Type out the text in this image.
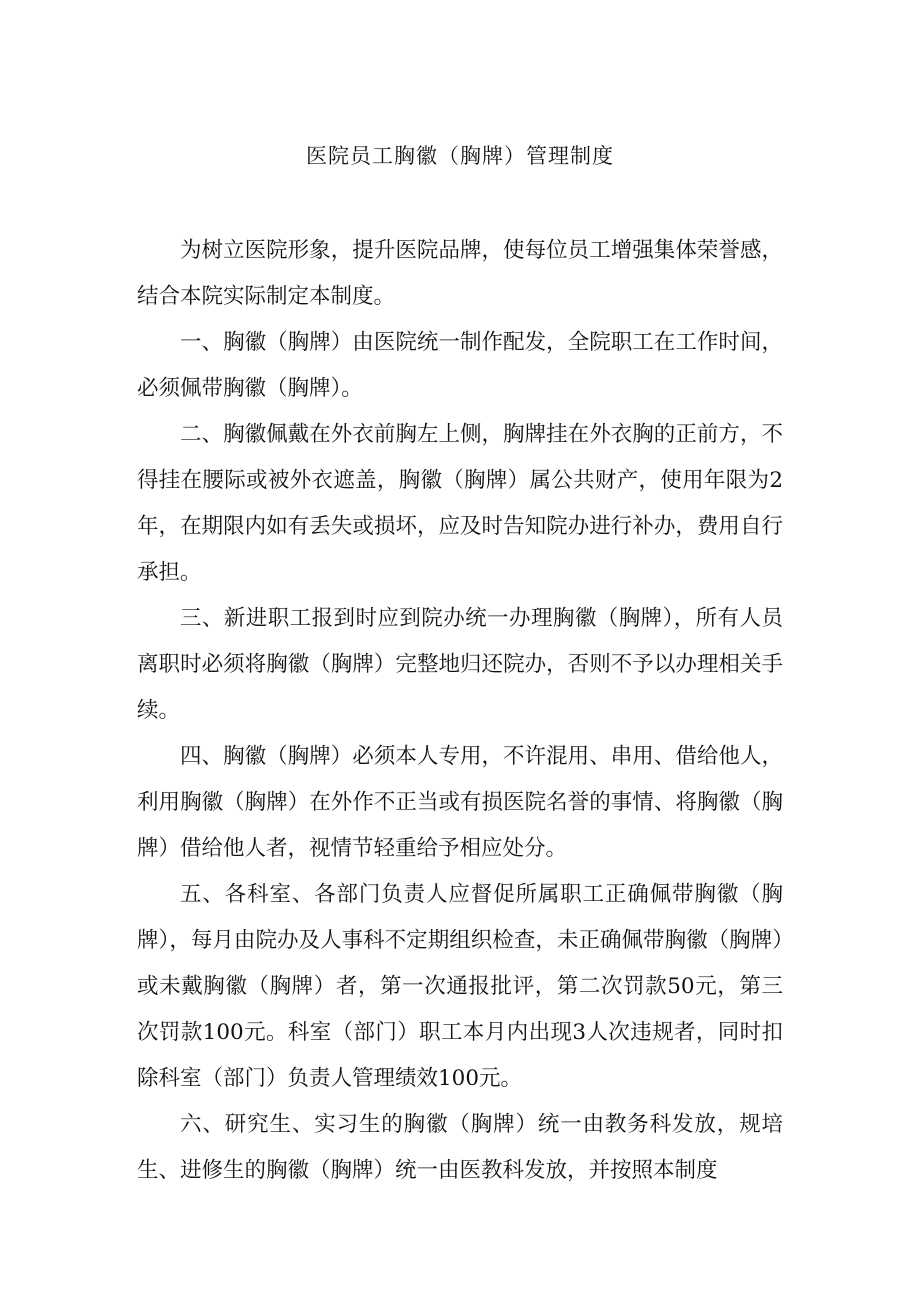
医院员工胸徽（胸牌）管理制度

为树立医院形象，提升医院品牌，使每位员工增强集体荣誉感，结合本院实际制定本制度。

一、胸徽（胸牌）由医院统一制作配发，全院职工在工作时间，必须佩带胸徽（胸牌）。

二、胸徽佩戴在外衣前胸左上侧，胸牌挂在外衣胸的正前方，不得挂在腰际或被外衣遮盖，胸徽（胸牌）属公共财产，使用年限为2年，在期限内如有丢失或损坏，应及时告知院办进行补办，费用自行承担。

三、新进职工报到时应到院办统一办理胸徽（胸牌），所有人员离职时必须将胸徽（胸牌）完整地归还院办，否则不予以办理相关手续。

四、胸徽（胸牌）必须本人专用，不许混用、串用、借给他人，利用胸徽（胸牌）在外作不正当或有损医院名誉的事情、将胸徽（胸牌）借给他人者，视情节轻重给予相应处分。

五、各科室、各部门负责人应督促所属职工正确佩带胸徽（胸牌），每月由院办及人事科不定期组织检查，未正确佩带胸徽（胸牌）或未戴胸徽（胸牌）者，第一次通报批评，第二次罚款50元，第三次罚款100元。科室（部门）职工本月内出现3人次违规者，同时扣除科室（部门）负责人管理绩效100元。

六、研究生、实习生的胸徽（胸牌）统一由教务科发放，规培生、进修生的胸徽（胸牌）统一由医教科发放，并按照本制度
